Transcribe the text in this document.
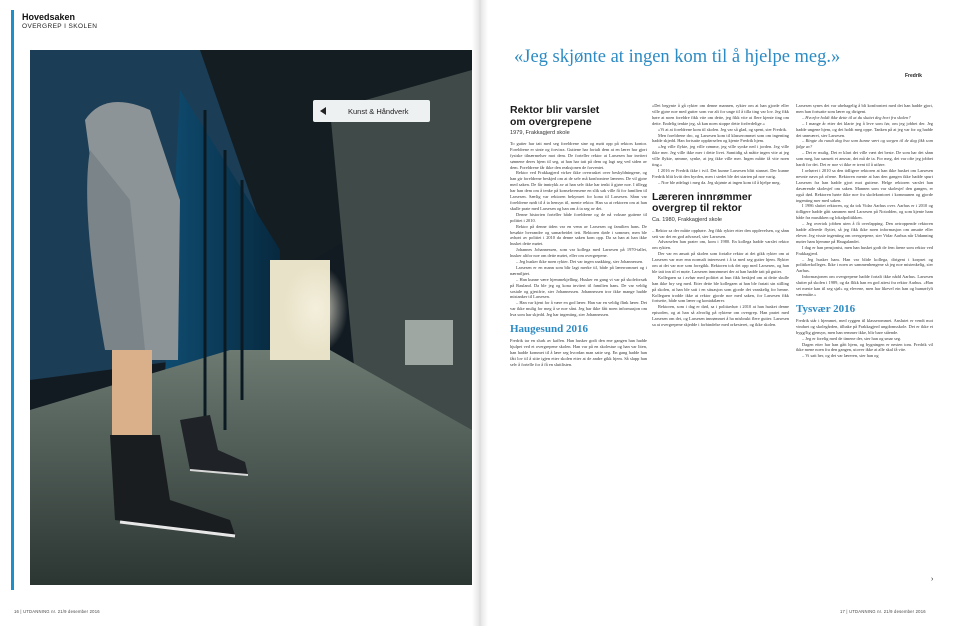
Hovedsaken
OVERGREP I SKOLEN
Kunst & Håndverk
«Jeg skjønte at ingen kom til å hjelpe meg.»
Fredrik
Rektor blir varslet
om overgrepene
1979, Frakkagjerd skole

To gutter har tatt med seg foreldrene sine og møtt opp på rektors kontor. Foreldrene er sinte og forvirra. Guttene har fortalt dem at en lærer har gjort fysiske tilnærmelser mot dem. De forteller rektor at Larsesen har invitert sønnene deres hjem til seg, at han har tatt på dem og lagt seg ved siden av dem. Foreldrene får ikke den reaksjonen de forventet.

Rektor ved Frakkagjerd virker ikke overrasket over beskyldningene, og han gir foreldrene beskjed om at de selv må konfrontere læreren. De vil gjøre med saken. De får inntrykk av at han selv ikke har tenkt å gjøre noe. I tillegg har han dem om å tenke på konsekvensene en slik sak ville få for familien til Larsesen. Særlig var rektoren bekymret for kona til Larsesen. Sånn var foreldrene nødt til å ta hensyn til, mente rektor. Han sa at rektoren om at han skulle prate med Larsesen og han om å ta seg av det.

Denne historien forteller både foreldrene og de nå voksne guttene til politiet i 2010.

Rektor på denne tiden var en venn av Larsesen og familien hans. De besøkte hverandre og samarbeidet tett. Rektoren døde i sommer, men ble avhørt av politiet i 2010 da denne saken kom opp. Da sa han at han ikke husket dette møtet.

Johannes Johannessen, som var kollega med Larsesen på 1970-tallet, husker altfor noe om dette møtet, eller om overgrepene.

– Jeg husker ikke noen rykter. Det var ingen snakking, sier Johannessen.

Larsesen er en mann som blir lagt merke til, både på lærerrommet og i nærmiljøet.

– Han kunne være hjemmekjelling. Husker en gang vi var på skoleforsøk på Rauland. Da ble jeg og kona invitert til familien hans. De var veldig sosiale og gjestfrie, sier Johannessen. Johannessen tror ikke mange hadde mistanker til Larsesen.

– Han var kjent for å være en god lærer. Han var en veldig flink lærer. Det var ikke mulig for meg å se noe sånt. Jeg har ikke fått noen informasjon om hva som har skjedd. Jeg har ingenting, sier Johannessen.

Haugesund 2016

Fredrik tar en slurk av kaffen. Han husker godt den ene gangen han hadde hjulpet ved et overgrepene skolen. Han var på en skolestue og han var liten, han hadde kommet til å lære seg hvordan man satte seg. En gang hadde han fått lov til å sitte igjen etter skolen etter at de andre gikk hjem. Så slapp han selv å fortelle for å få en sluttlisten.

«Det begynte å gå rykter om denne mannen, rykter om at han gjorde eller ville gjøre noe med gutter som var alt for unge til å tilla ting var lov. Jeg fikk høre at noen foreldre fikk vite om dette, jeg fikk vite at flere kjente ting om dette. Endelig tenkte jeg, så kan noen stoppe dette forferdelige.»

«Vi at at foreldrene kom til skolen. Jeg var så glad, og spent, sier Fredrik.

Men foreldrene dro, og Larsesen kom til klasserommet som om ingenting hadde skjedd. Han fortsatte oppførselen og kjente Fredrik hjem.

«Jeg ville flykte, jeg ville rømme, jeg ville synke ned i jorden. Jeg ville ikke mer. Jeg ville ikke mer i dette livet. Samtidig så måtte ingen vite at jeg ville flykte, rømme, synke, at jeg ikke ville mer. Ingen måtte få vite noen ting.»

I 2016 er Fredrik ikke i tvil. Det kunne Larsesen blitt stanset. Der kunne Fredrik blitt kvitt den byrden, men i stedet ble det starten på noe varig.

– Noe ble ødelagt i meg da. Jeg skjønte at ingen kom til å hjelpe meg.

Læreren innrømmer
overgrep til rektor
Ca. 1980, Frakkagjerd skole

– Rektor sa der måtte opphøre. Jeg fikk rykter etter den opplevelsen, og sånn sett var det en god advarsel, sier Larsesen.

Advarselen han prater om, kom i 1980. En kollega hadde varslet rektor om rykten.

Der var en ansatt på skolen som fortalte rektor at det gikk rykter om at Larsesen var mer enn normalt interessert i å ta med seg gutter hjem. Rykter om at det var noe som foregikk. Rektoren tok det opp med Larsesen, og han ble tatt inn til et møte. Larsesen innrømmet der at han hadde tatt på gutter.

Kollegaen sa i avhør med politiet at hun fikk beskjed om at dette skulle han ikke bry seg med. Etter dette ble kollegaen at han ble fratatt sin stilling på skolen, at han ble satt i en situasjon som gjorde det vanskelig for henne. Kollegaen trodde ikke at rektor gjorde noe med saken, for Larsesen fikk fortsette, både som lærer og kontaktlærer.

Rektoren, som i dag er død, sa i politiavhør i 2010 at han husket denne episoden, og at han så alvorlig på ryktene om overgrep. Han pratet med Larsesen om det, og Larsesen innrømmet å ha misbrukt flere gutter. Larsesen sa at overgrepene skjedde i forbindelse med orkesteret, og ikke skolen.

Larsesen synes det var ubehagelig å bli konfrontert med det han hadde gjort, men han fortsatte som lærer og dirigent.

– Hvorfor holdt ikke dette til at du sluttet deg bort fra skolen?

– I mange år etter det klarte jeg å leve som før, om jeg jobbet der. Jeg hadde ungene hjem, og det holdt meg oppe. Tanken på at jeg var for og hadde det unnværet, sier Larsesen.

– Ringte du rundt dag hva som kunne vært og sorgen til de dag fikk som følge av?

– Det er mulig. Det er klart det ville vært det beste. De som har det sånn som meg, har uansett et ansvar, det må de ta. For meg, det var ofte jeg jobbet hardt for det. Det er noe vi ikke er trent til å utføre.

I avhøret i 2010 sa den tidligere rektoren at han ikke husket om Larsesen nevnte navn på ofrene. Rektoren mente at han den gangen ikke hadde spurt Larsesen fra han hadde gjort mot guttene. Helge rektoren varslet han daværende skolesjef om saken. Mannen som var skolesjef den gangen, er også død. Rektoren hørte ikke noe fra skolekontoret i kommunen og gjorde ingenting mer med saken.

I 1986 sluttet rektoren, og da tok Vidar Aarhus over. Aarhus er i 2010 og tidligere hadde gått sammen med Larsesen på Notodden, og som kjente ham både fra musikken og lokalpolitikken.

– Jeg overtok jobben uten å få overlapping. Den avtroppende rektoren hadde allerede flyttet, så jeg fikk ikke noen informasjon om ansatte eller elever. Jeg visste ingenting om overgrepene, sier Vidar Aarhus når Utdanning møter ham hjemme på Haugalandet.

I dag er han pensjonist, men han husket godt de fem årene som rektor ved Frakkagjerd.

– Jeg husker ham. Han var blide kollega, dirigent i korpset og politikerkolleges. Ikke i noen av sammenhengene så jeg noe mistenkelig, sier Aarhus.

Informasjonen om overgrepene hadde fortalt ikke nådd Aarhus. Larsesen slutter på skolen i 1989, og da flikk han en god attest fra rektor Aarhus. «Han set meste kan til seg sjøl» og elevene, men har likevel ein han og humørfylt væremåte.»

Tysvær 2016

Fredrik står i hjemmet, med ryggen til klasserommet. Anslutet er vendt mot vinduet og skolegården, tilbake på Frakkagjerd ungdomsskole. Det er ikke et bygg/lig gjensyn, men han remmer ikke, blir bare stående.

– Jeg er forelig med de timene der, sier han og smar seg.

Dagen etter har han gått hjem, og bygningen er nesten tom. Fredrik vil ikke mene noen fra den gangen, utover ikke at alle skal få vite.

– Vi satt her, og det var læreren, sier han og

›
16 | UTDANNING nr. 21/9 desember 2016	17 | UTDANNING nr. 21/9 desember 2016
